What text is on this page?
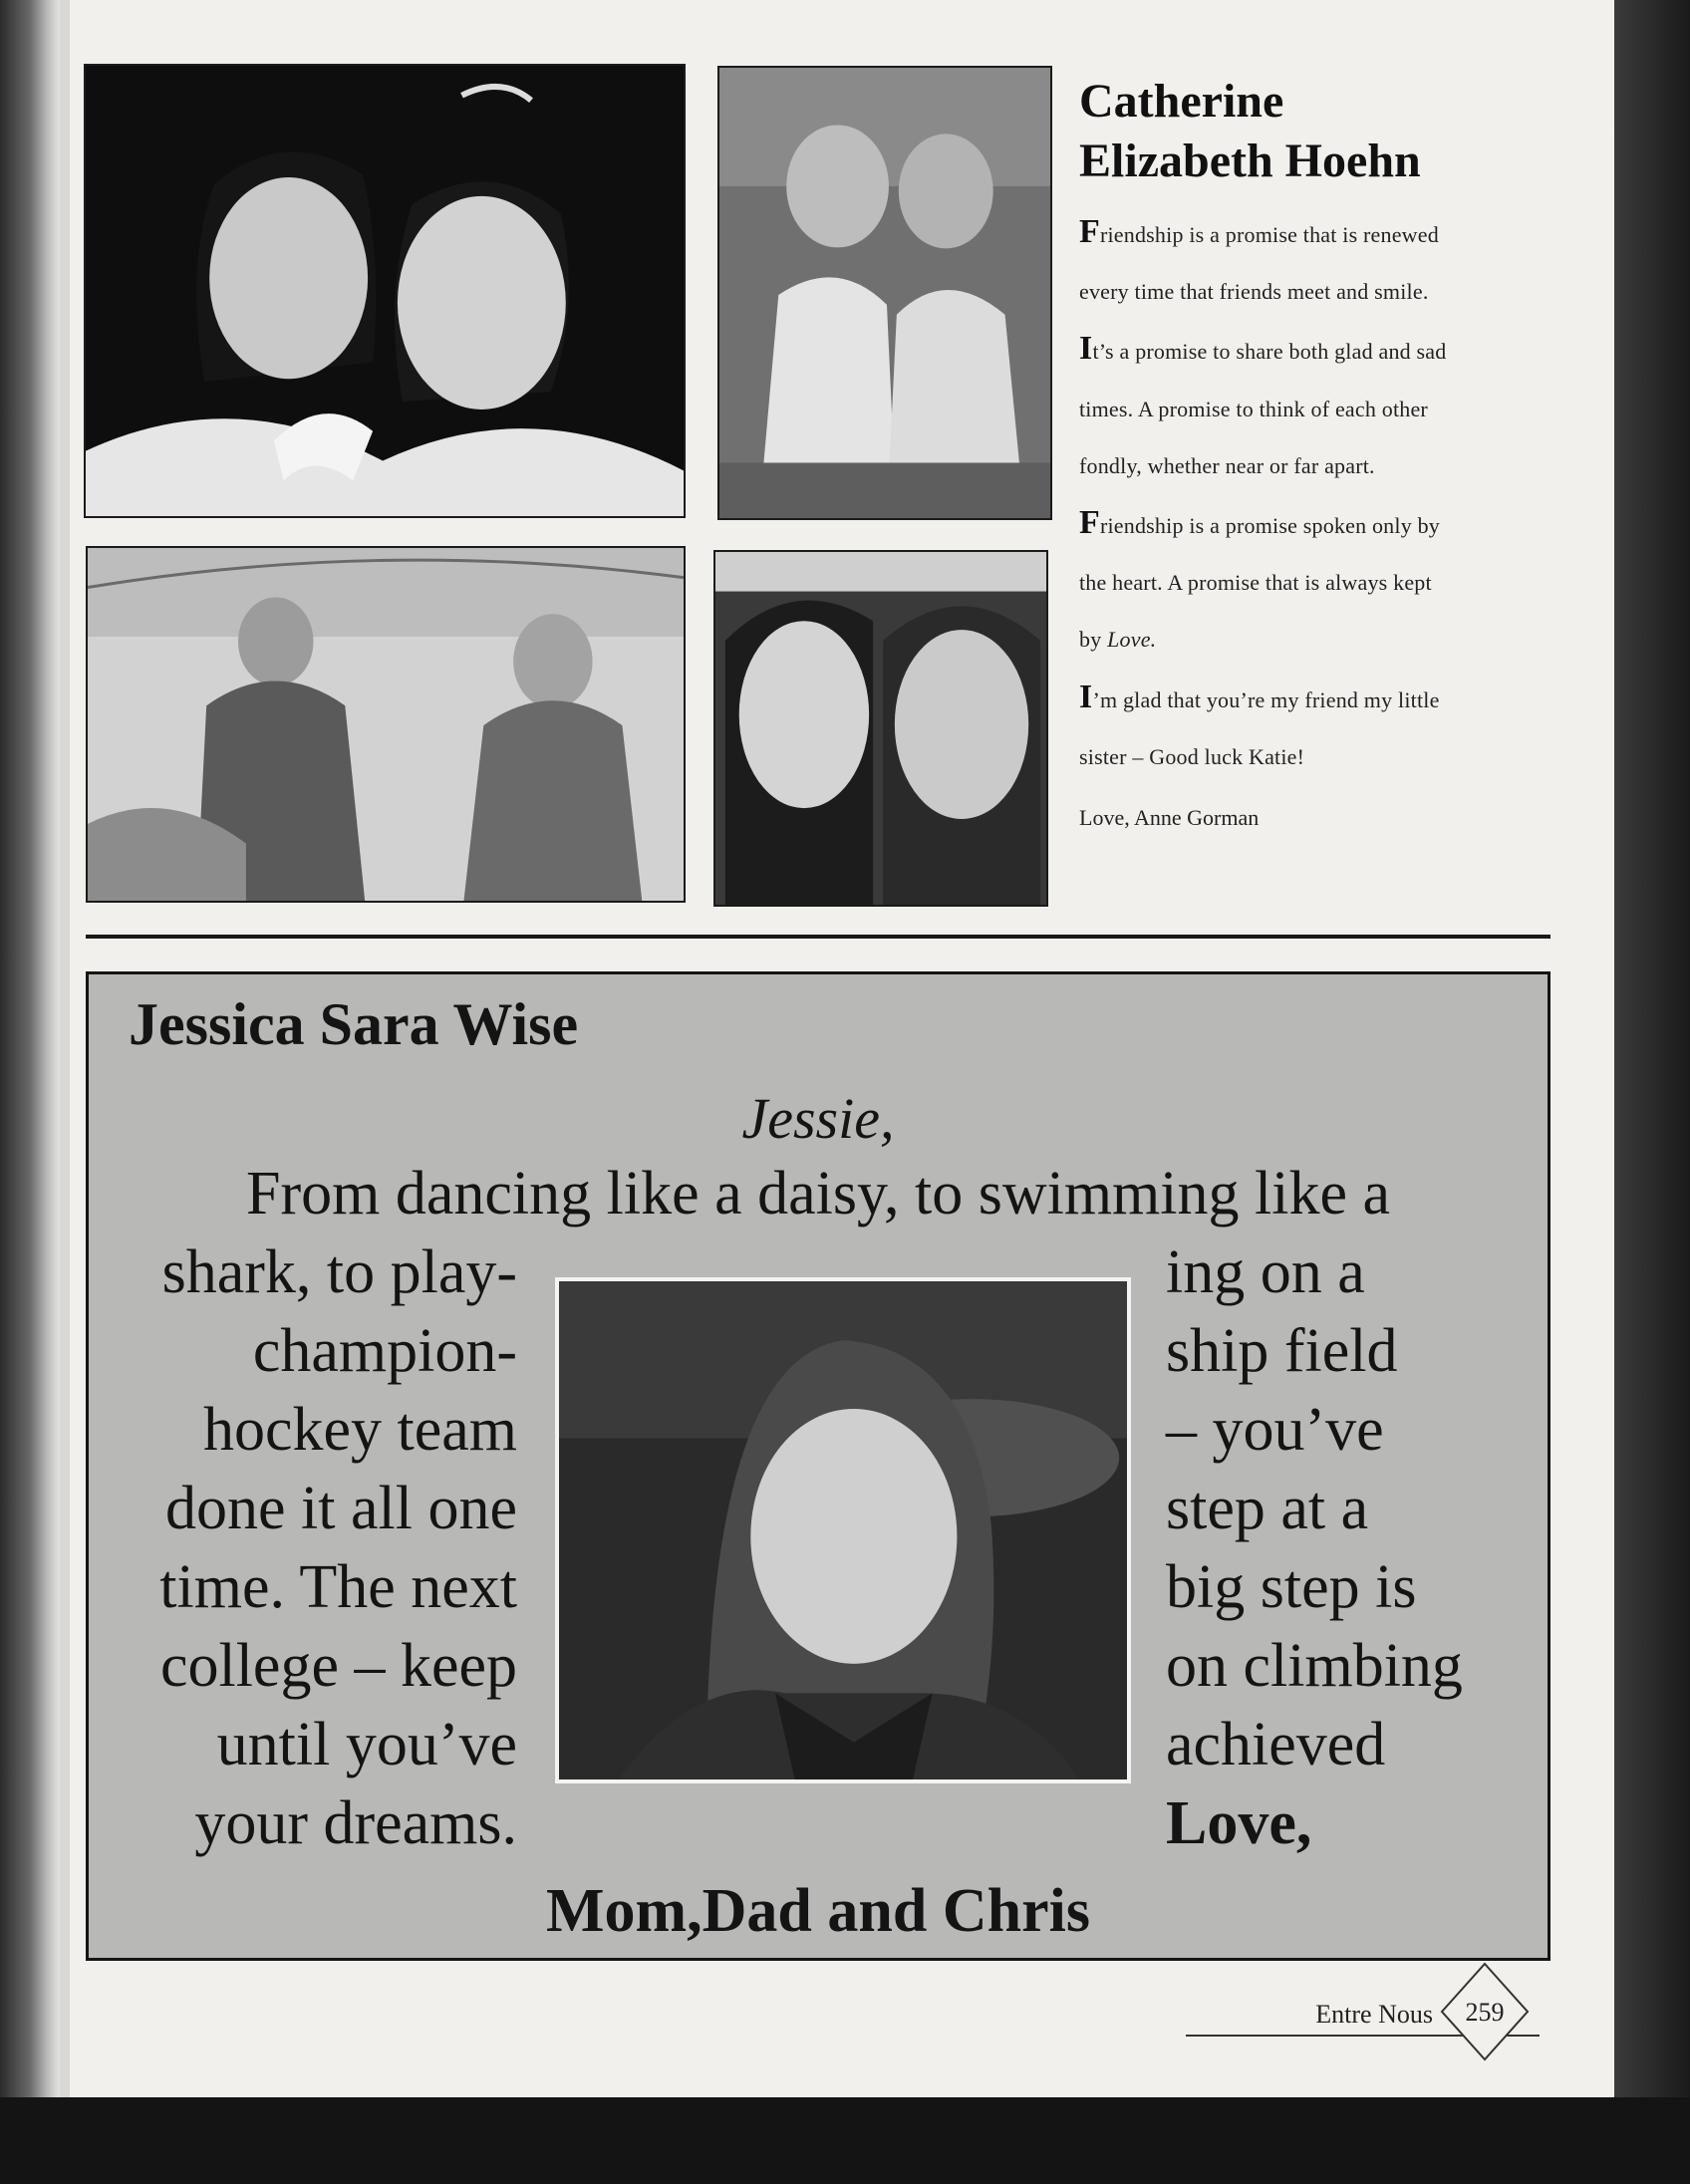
Catherine
Elizabeth Hoehn
Friendship is a promise that is renewed
every time that friends meet and smile.
It’s a promise to share both glad and sad
times. A promise to think of each other
fondly, whether near or far apart.
Friendship is a promise spoken only by
the heart. A promise that is always kept
by Love.
I’m glad that you’re my friend my little
sister – Good luck Katie!
Love, Anne Gorman
Jessica Sara Wise
Jessie,
From dancing like a daisy, to swimming like a
shark, to play-
champion-
hockey team
done it all one
time. The next
college – keep
until you’ve
your dreams.
ing on a
ship field
– you’ve
step at a
big step is
on climbing
achieved
Love,
Mom,Dad and Chris
Entre Nous	259
